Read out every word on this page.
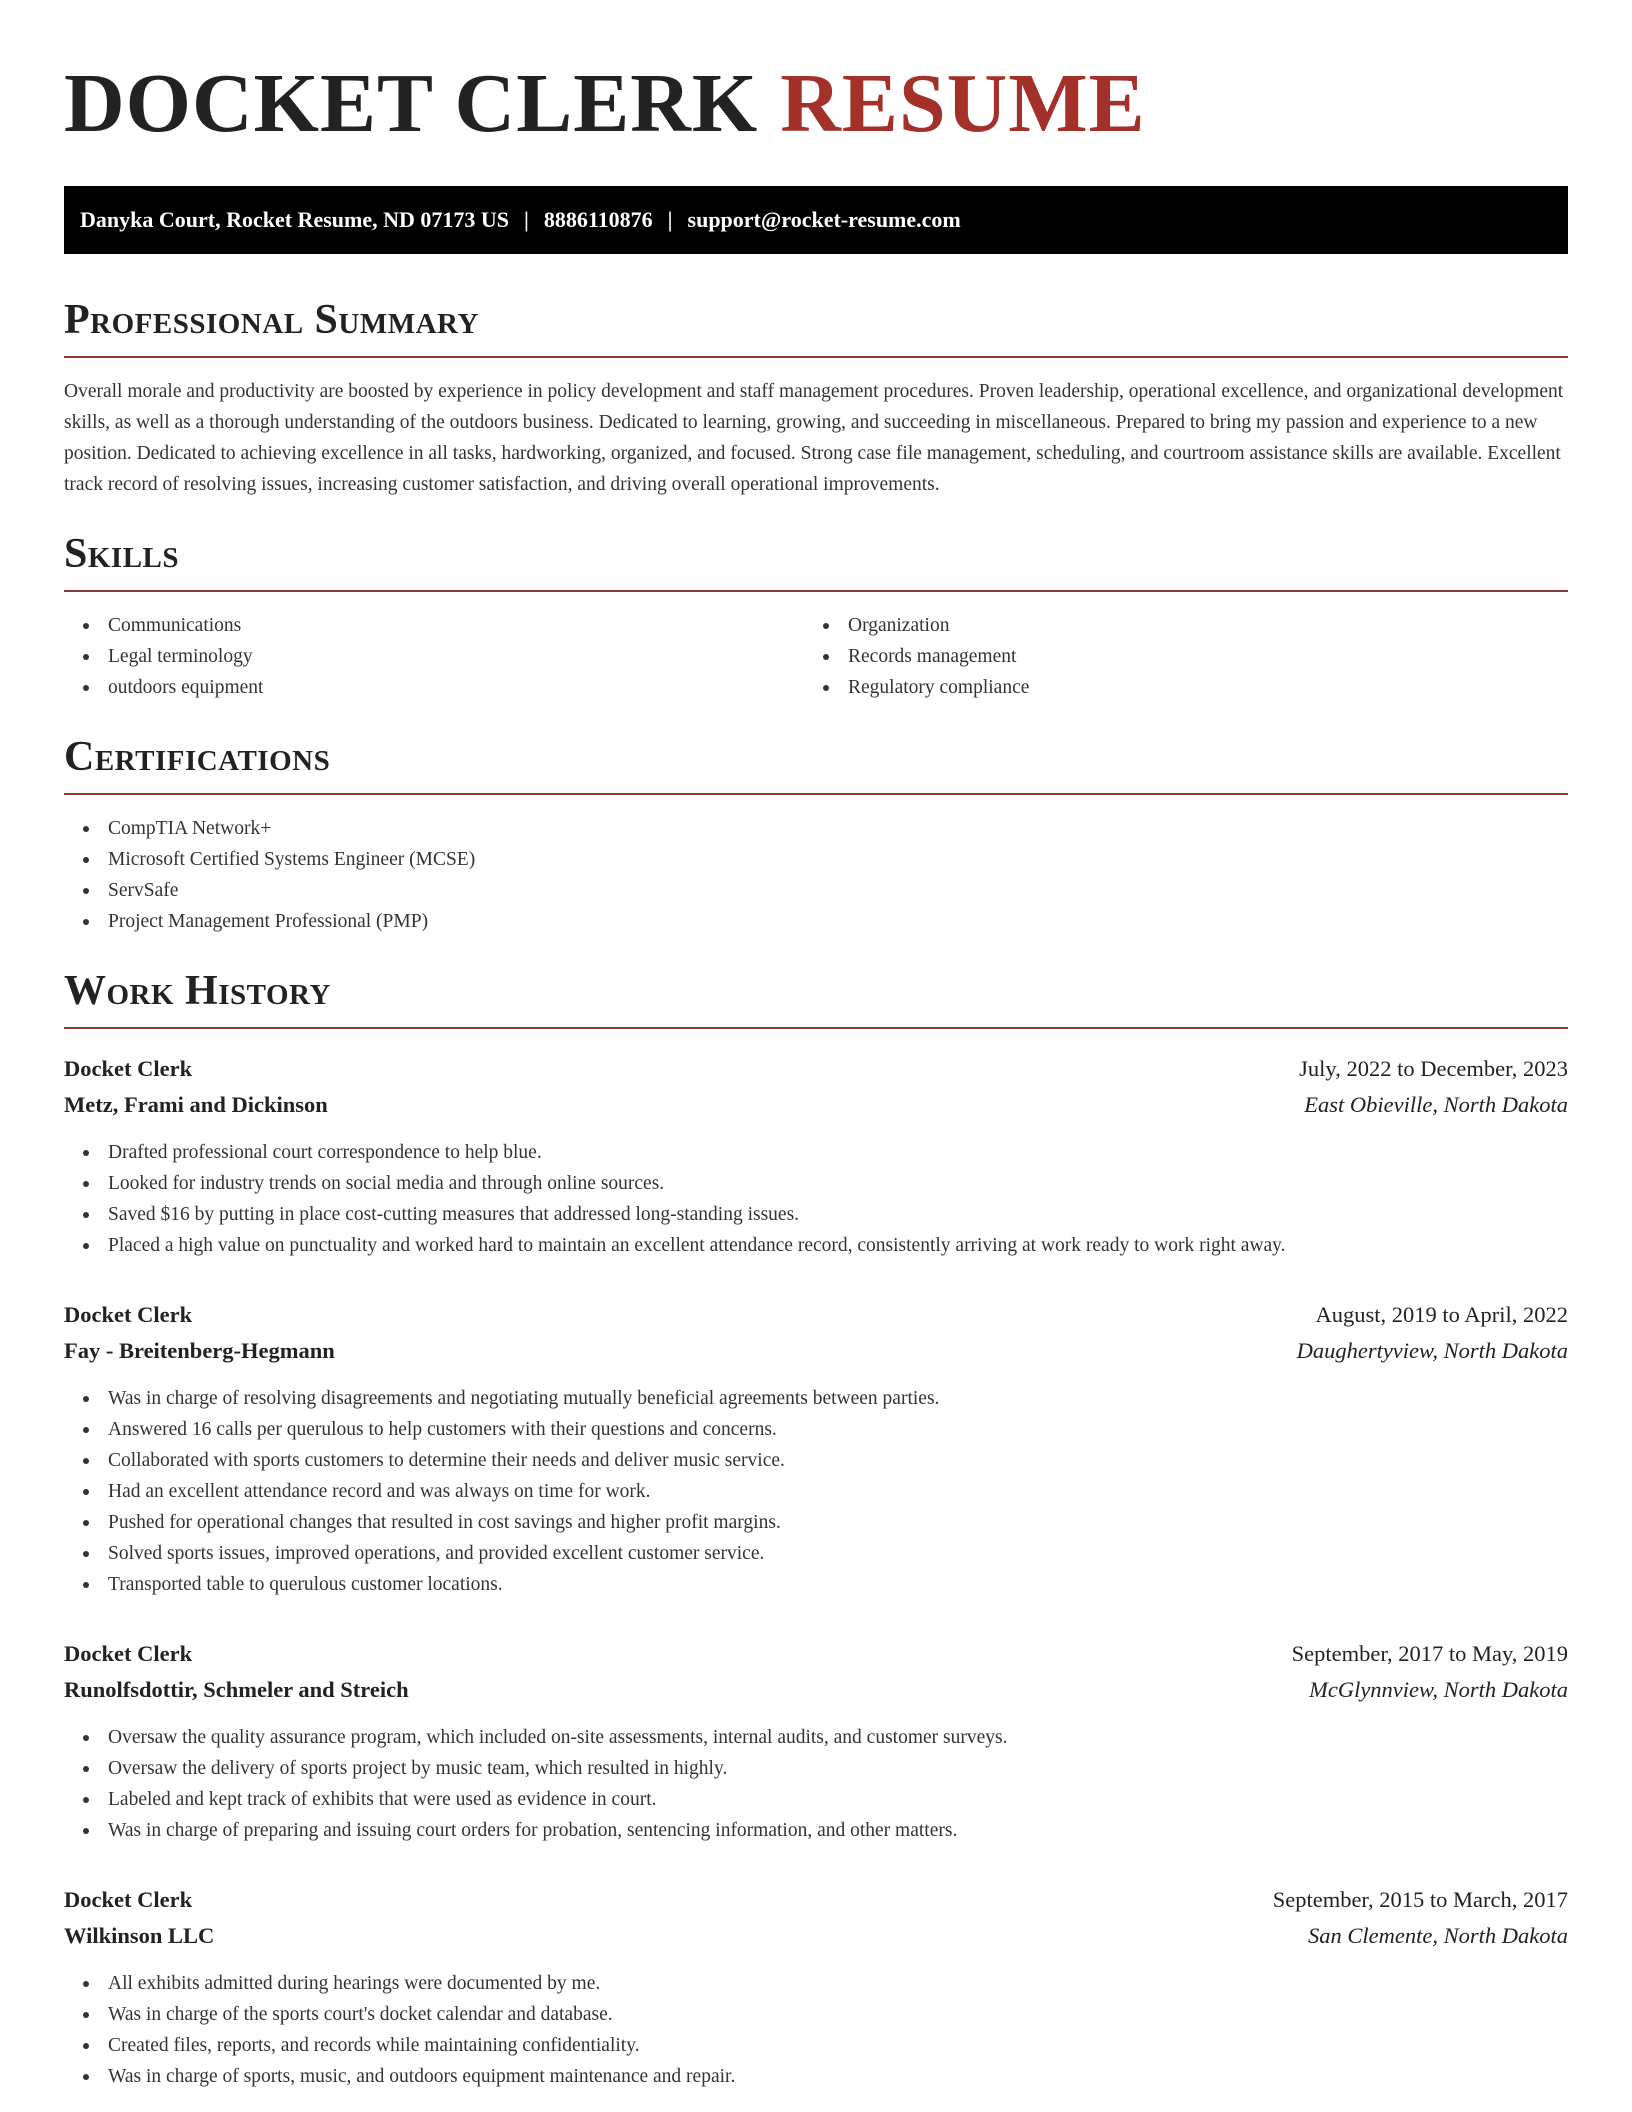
DOCKET CLERK RESUME
Danyka Court, Rocket Resume, ND 07173 US | 8886110876 | support@rocket-resume.com
Professional Summary

Overall morale and productivity are boosted by experience in policy development and staff management procedures. Proven leadership, operational excellence, and organizational development skills, as well as a thorough understanding of the outdoors business. Dedicated to learning, growing, and succeeding in miscellaneous. Prepared to bring my passion and experience to a new position. Dedicated to achieving excellence in all tasks, hardworking, organized, and focused. Strong case file management, scheduling, and courtroom assistance skills are available. Excellent track record of resolving issues, increasing customer satisfaction, and driving overall operational improvements.

Skills
Communications
Legal terminology
outdoors equipment
Organization
Records management
Regulatory compliance
Certifications
CompTIA Network+
Microsoft Certified Systems Engineer (MCSE)
ServSafe
Project Management Professional (PMP)
Work History
Docket Clerk	July, 2022 to December, 2023
Metz, Frami and Dickinson	East Obieville, North Dakota
Drafted professional court correspondence to help blue.
Looked for industry trends on social media and through online sources.
Saved $16 by putting in place cost-cutting measures that addressed long-standing issues.
Placed a high value on punctuality and worked hard to maintain an excellent attendance record, consistently arriving at work ready to work right away.
Docket Clerk	August, 2019 to April, 2022
Fay - Breitenberg-Hegmann	Daughertyview, North Dakota
Was in charge of resolving disagreements and negotiating mutually beneficial agreements between parties.
Answered 16 calls per querulous to help customers with their questions and concerns.
Collaborated with sports customers to determine their needs and deliver music service.
Had an excellent attendance record and was always on time for work.
Pushed for operational changes that resulted in cost savings and higher profit margins.
Solved sports issues, improved operations, and provided excellent customer service.
Transported table to querulous customer locations.
Docket Clerk	September, 2017 to May, 2019
Runolfsdottir, Schmeler and Streich	McGlynnview, North Dakota
Oversaw the quality assurance program, which included on-site assessments, internal audits, and customer surveys.
Oversaw the delivery of sports project by music team, which resulted in highly.
Labeled and kept track of exhibits that were used as evidence in court.
Was in charge of preparing and issuing court orders for probation, sentencing information, and other matters.
Docket Clerk	September, 2015 to March, 2017
Wilkinson LLC	San Clemente, North Dakota
All exhibits admitted during hearings were documented by me.
Was in charge of the sports court's docket calendar and database.
Created files, reports, and records while maintaining confidentiality.
Was in charge of sports, music, and outdoors equipment maintenance and repair.
